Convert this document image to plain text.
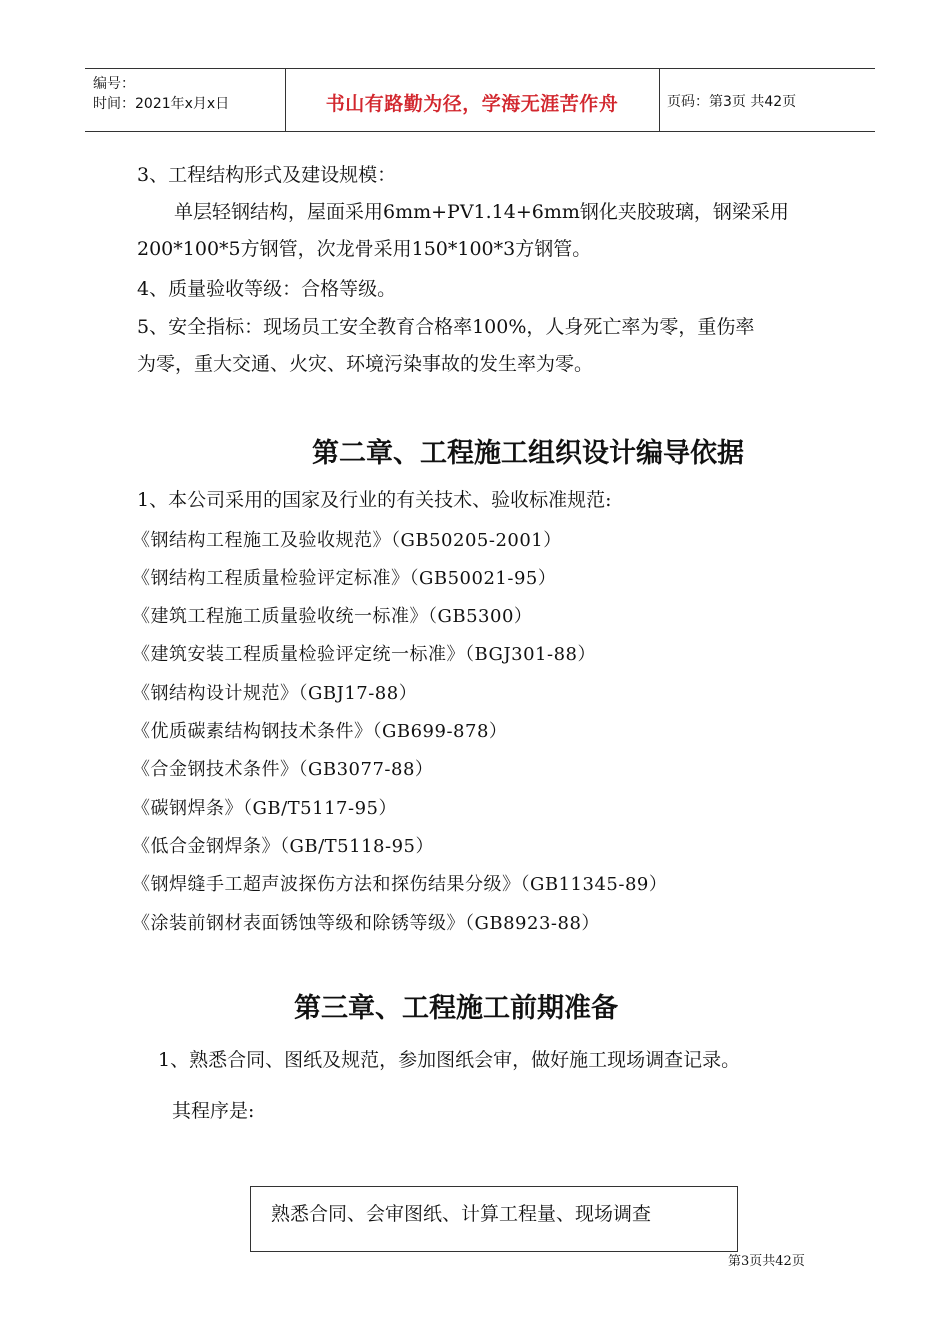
编号：
时间：2021年x月x日	书山有路勤为径，学海无涯苦作舟	页码：第3页 共42页
3、工程结构形式及建设规模：
单层轻钢结构，屋面采用6mm+PV1.14+6mm钢化夹胶玻璃，钢梁采用
200*100*5方钢管，次龙骨采用150*100*3方钢管。
4、质量验收等级：合格等级。
5、安全指标：现场员工安全教育合格率100%，人身死亡率为零，重伤率
为零，重大交通、火灾、环境污染事故的发生率为零。
第二章、工程施工组织设计编导依据
1、本公司采用的国家及行业的有关技术、验收标准规范:
《钢结构工程施工及验收规范》（GB50205-2001）
《钢结构工程质量检验评定标准》（GB50021-95）
《建筑工程施工质量验收统一标准》（GB5300）
《建筑安装工程质量检验评定统一标准》（BGJ301-88）
《钢结构设计规范》（GBJ17-88）
《优质碳素结构钢技术条件》（GB699-878）
《合金钢技术条件》（GB3077-88）
《碳钢焊条》（GB/T5117-95）
《低合金钢焊条》（GB/T5118-95）
《钢焊缝手工超声波探伤方法和探伤结果分级》（GB11345-89）
《涂装前钢材表面锈蚀等级和除锈等级》（GB8923-88）
第三章、工程施工前期准备
1、熟悉合同、图纸及规范，参加图纸会审，做好施工现场调查记录。
其程序是:
熟悉合同、会审图纸、计算工程量、现场调查
第3页共42页
